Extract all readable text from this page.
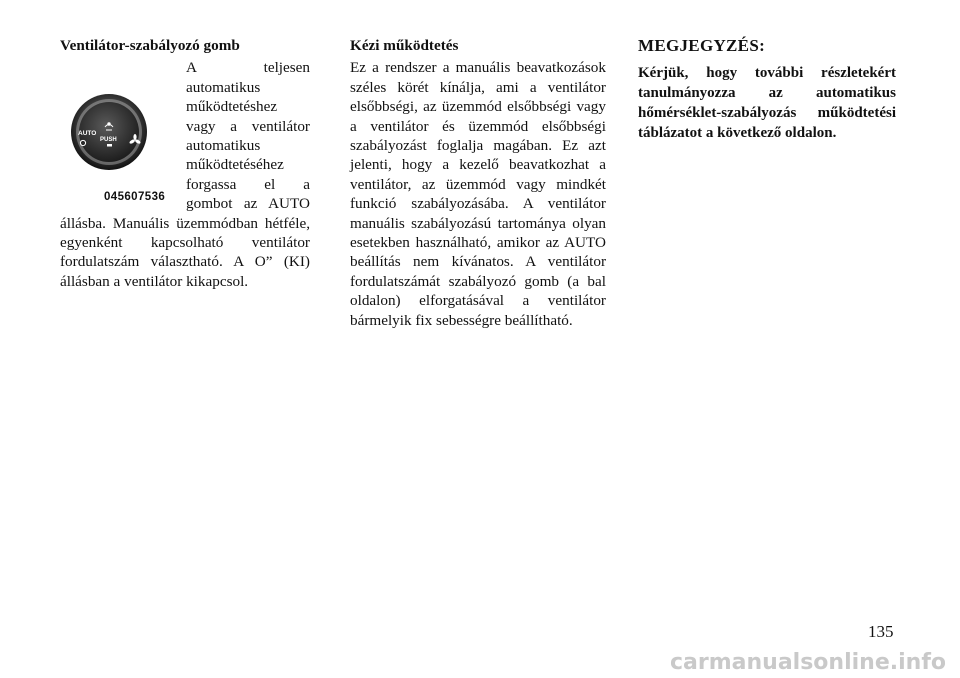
Ventilátor-szabályozó gomb
AUTO
PUSH
045607536

A teljesen automatikus működtetéshez vagy a ventilátor automatikus működtetéséhez forgassa el a gombot az AUTO állásba. Manuális üzemmódban hétféle, egyenként kapcsolható ventilátor fordulatszám választható. A O” (KI) állásban a ventilátor kikapcsol.

Kézi működtetés

Ez a rendszer a manuális beavatkozások széles körét kínálja, ami a ventilátor elsőbbségi, az üzemmód elsőbbségi vagy a ventilátor és üzemmód elsőbbségi szabályozást foglalja magában. Ez azt jelenti, hogy a kezelő beavatkozhat a ventilátor, az üzemmód vagy mindkét funkció szabályozásába. A ventilátor manuális szabályozású tartománya olyan esetekben használható, amikor az AUTO beállítás nem kívánatos. A ventilátor fordulatszámát szabályozó gomb (a bal oldalon) elforgatásával a ventilátor bármelyik fix sebességre beállítható.

MEGJEGYZÉS:

Kérjük, hogy további részletekért tanulmányozza az automatikus hőmérséklet-szabályozás működtetési táblázatot a következő oldalon.

135
carmanualsonline.info
